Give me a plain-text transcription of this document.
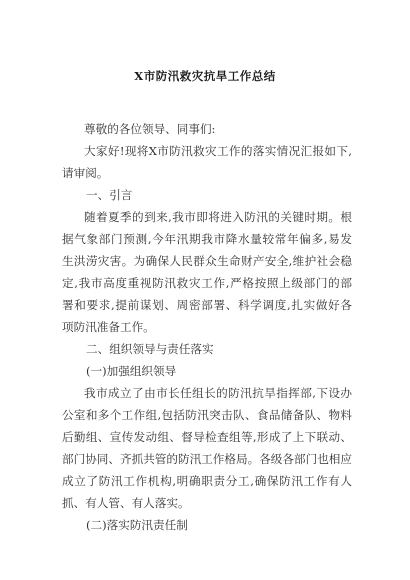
X市防汛救灾抗旱工作总结
尊敬的各位领导、同事们:
大家好!现将X市防汛救灾工作的落实情况汇报如下,
请审阅。
一、引言
随着夏季的到来,我市即将进入防汛的关键时期。根
据气象部门预测,今年汛期我市降水量较常年偏多,易发
生洪涝灾害。为确保人民群众生命财产安全,维护社会稳
定,我市高度重视防汛救灾工作,严格按照上级部门的部
署和要求,提前谋划、周密部署、科学调度,扎实做好各
项防汛准备工作。
二、组织领导与责任落实
(一)加强组织领导
我市成立了由市长任组长的防汛抗旱指挥部,下设办
公室和多个工作组,包括防汛突击队、食品储备队、物料
后勤组、宣传发动组、督导检查组等,形成了上下联动、
部门协同、齐抓共管的防汛工作格局。各级各部门也相应
成立了防汛工作机构,明确职责分工,确保防汛工作有人
抓、有人管、有人落实。
(二)落实防汛责任制
